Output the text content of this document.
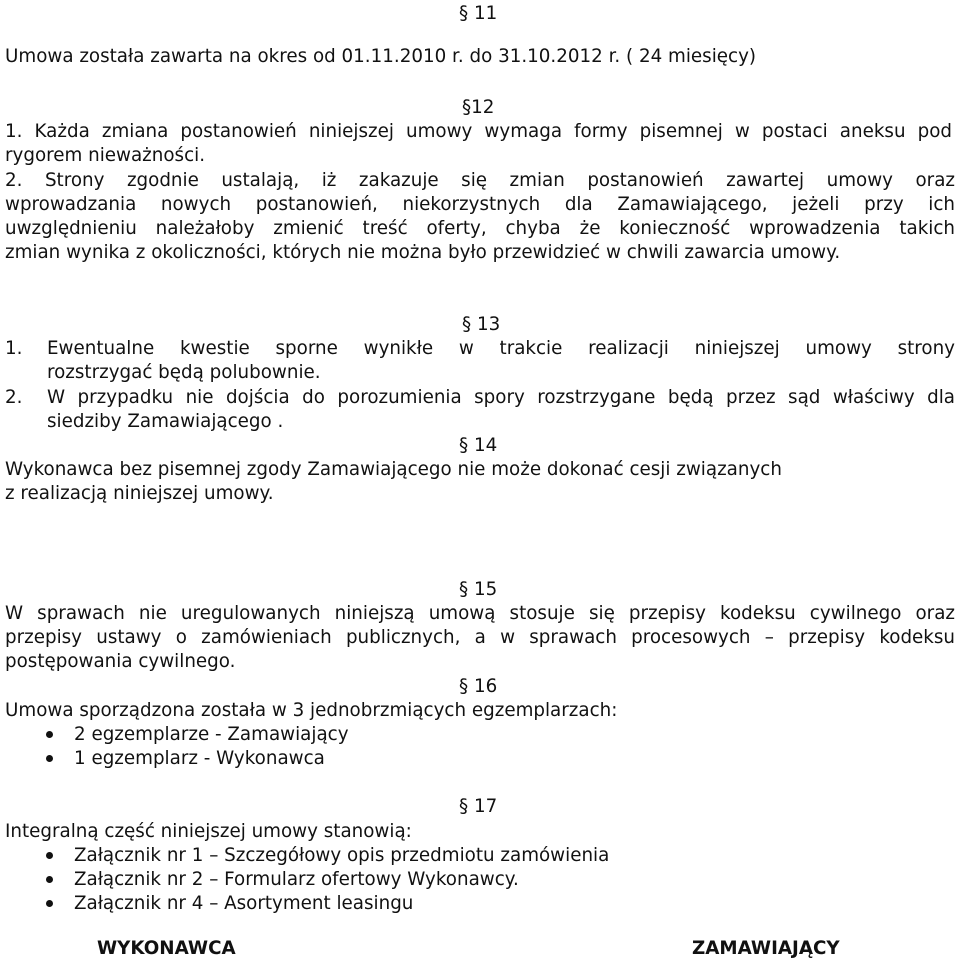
§ 11
Umowa została zawarta na okres od 01.11.2010 r. do 31.10.2012 r. ( 24 miesięcy)
§12
1. Każda zmiana postanowień niniejszej umowy wymaga formy pisemnej w postaci aneksu pod
rygorem nieważności.
2. Strony zgodnie ustalają, iż zakazuje się zmian postanowień zawartej umowy oraz
wprowadzania nowych postanowień, niekorzystnych dla Zamawiającego, jeżeli przy ich
uwzględnieniu należałoby zmienić treść oferty, chyba że konieczność wprowadzenia takich
zmian wynika z okoliczności, których nie można było przewidzieć w chwili zawarcia umowy.
§ 13
1. Ewentualne kwestie sporne wynikłe w trakcie realizacji niniejszej umowy strony
rozstrzygać będą polubownie.
2. W przypadku nie dojścia do porozumienia spory rozstrzygane będą przez sąd właściwy dla
siedziby Zamawiającego .
§ 14
Wykonawca bez pisemnej zgody Zamawiającego nie może dokonać cesji związanych
z realizacją niniejszej umowy.
§ 15
W sprawach nie uregulowanych niniejszą umową stosuje się przepisy kodeksu cywilnego oraz
przepisy ustawy o zamówieniach publicznych, a w sprawach procesowych – przepisy kodeksu
postępowania cywilnego.
§ 16
Umowa sporządzona została w 3 jednobrzmiących egzemplarzach:
2 egzemplarze - Zamawiający
1 egzemplarz - Wykonawca
§ 17
Integralną część niniejszej umowy stanowią:
Załącznik nr 1 – Szczegółowy opis przedmiotu zamówienia
Załącznik nr 2 – Formularz ofertowy Wykonawcy.
Załącznik nr 4 – Asortyment leasingu
WYKONAWCA	ZAMAWIAJĄCY
